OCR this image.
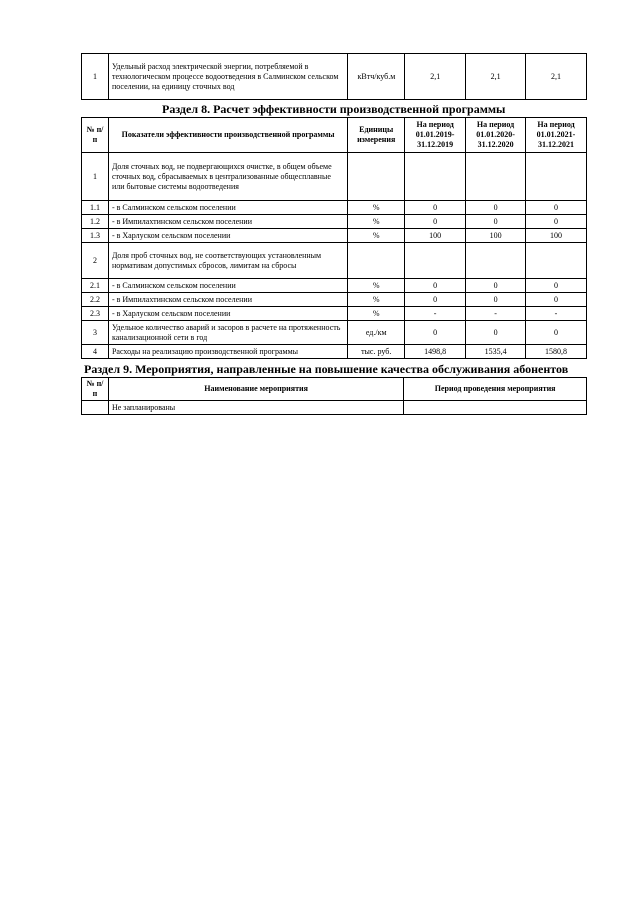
1	Удельный расход электрической энергии, потребляемой в технологическом процессе водоотведения в Салминском сельском поселении, на единицу сточных вод	кВтч/куб.м	2,1	2,1	2,1
Раздел 8. Расчет эффективности производственной программы
№ п/п	Показатели эффективности производственной программы	Единицы измерения	На период 01.01.2019-31.12.2019	На период 01.01.2020-31.12.2020	На период 01.01.2021-31.12.2021
1	Доля сточных вод, не подвергающихся очистке, в общем объеме сточных вод, сбрасываемых в централизованные общесплавные или бытовые системы водоотведения				
1.1	- в Салминском сельском поселении	%	0	0	0
1.2	- в Импилахтинском сельском поселении	%	0	0	0
1.3	- в Харлуском сельском поселении	%	100	100	100
2	Доля проб сточных вод, не соответствующих установленным нормативам допустимых сбросов, лимитам на сбросы				
2.1	- в Салминском сельском поселении	%	0	0	0
2.2	- в Импилахтинском сельском поселении	%	0	0	0
2.3	- в Харлуском сельском поселении	%	-	-	-
3	Удельное количество аварий и засоров в расчете на протяженность канализационной сети в год	ед./км	0	0	0
4	Расходы на реализацию производственной программы	тыс. руб.	1498,8	1535,4	1580,8
Раздел 9. Мероприятия, направленные на повышение качества обслуживания абонентов
№ п/п	Наименование мероприятия	Период проведения мероприятия
	Не запланированы	
